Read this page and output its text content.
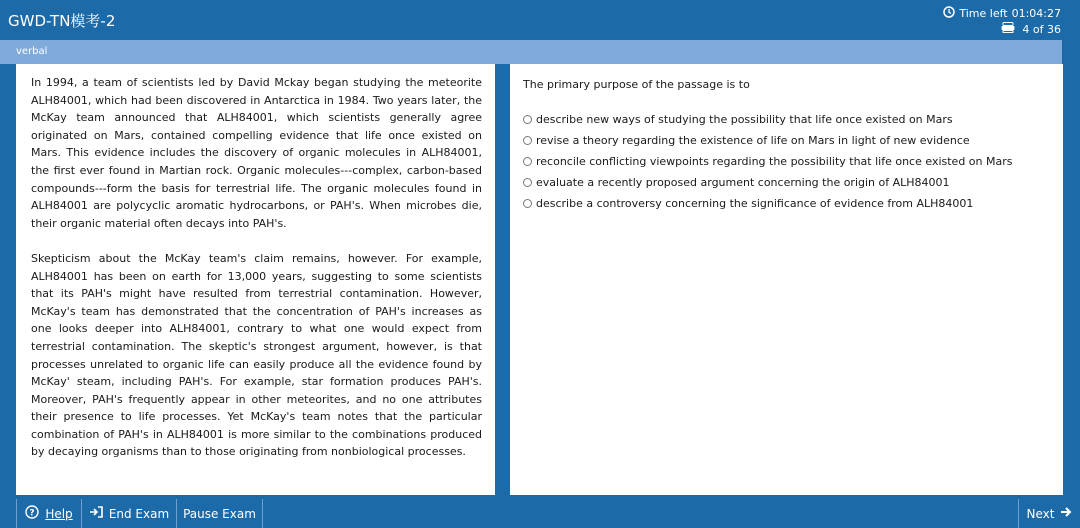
GWD-TN模考-2	Time left 01:04:27
4 of 36
verbal

In 1994, a team of scientists led by David Mckay began studying the meteorite ALH84001, which had been discovered in Antarctica in 1984. Two years later, the McKay team announced that ALH84001, which scientists generally agree originated on Mars, contained compelling evidence that life once existed on Mars. This evidence includes the discovery of organic molecules in ALH84001, the first ever found in Martian rock. Organic molecules---complex, carbon-based compounds---form the basis for terrestrial life. The organic molecules found in ALH84001 are polycyclic aromatic hydrocarbons, or PAH's. When microbes die, their organic material often decays into PAH's.

Skepticism about the McKay team's claim remains, however. For example, ALH84001 has been on earth for 13,000 years, suggesting to some scientists that its PAH's might have resulted from terrestrial contamination. However, McKay's team has demonstrated that the concentration of PAH's increases as one looks deeper into ALH84001, contrary to what one would expect from terrestrial contamination. The skeptic's strongest argument, however, is that processes unrelated to organic life can easily produce all the evidence found by McKay' steam, including PAH's. For example, star formation produces PAH's. Moreover, PAH's frequently appear in other meteorites, and no one attributes their presence to life processes. Yet McKay's team notes that the particular combination of PAH's in ALH84001 is more similar to the combinations produced by decaying organisms than to those originating from nonbiological processes.

The primary purpose of the passage is to
describe new ways of studying the possibility that life once existed on Mars
revise a theory regarding the existence of life on Mars in light of new evidence
reconcile conflicting viewpoints regarding the possibility that life once existed on Mars
evaluate a recently proposed argument concerning the origin of ALH84001
describe a controversy concerning the significance of evidence from ALH84001
? Help	End Exam Pause Exam	Next
